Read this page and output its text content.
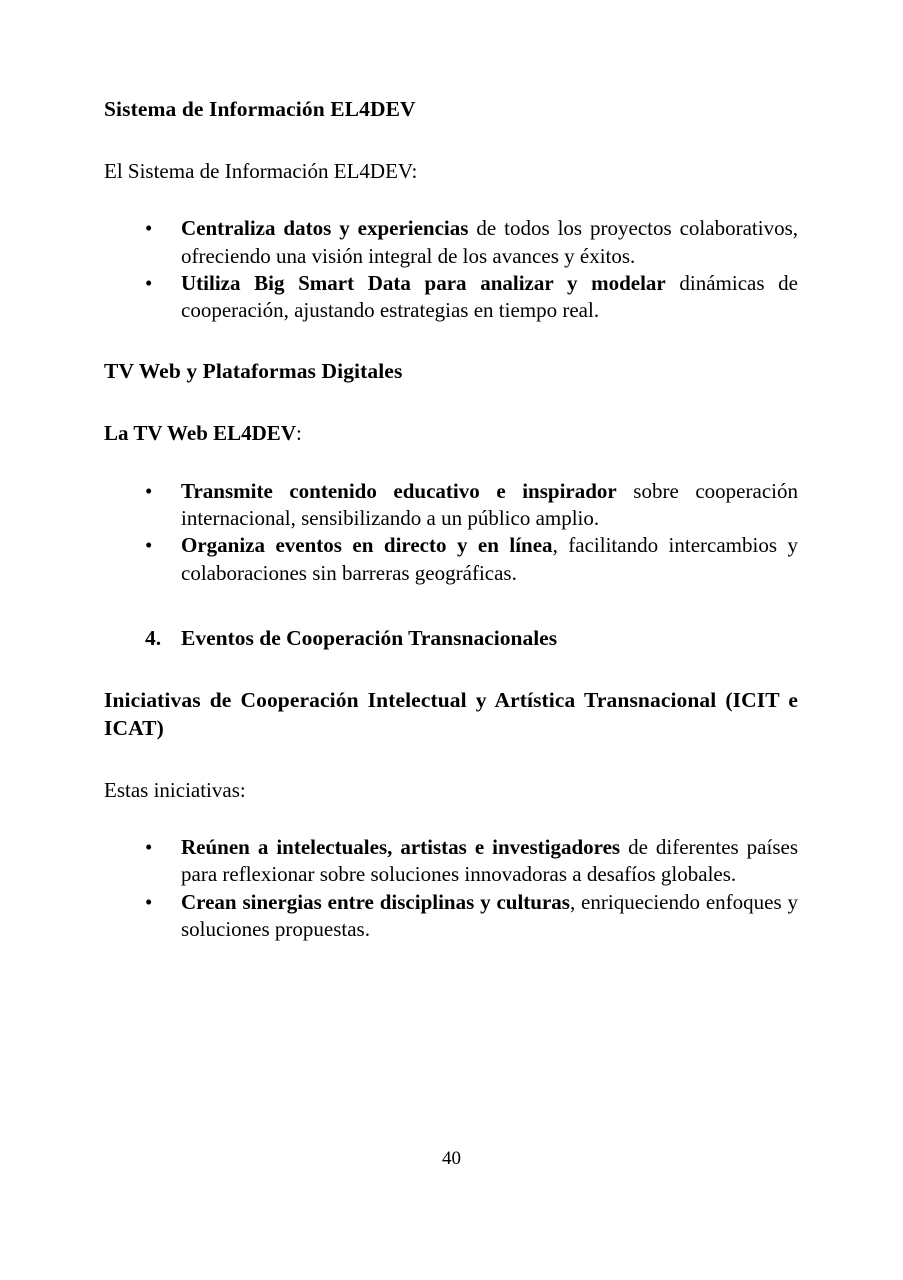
Sistema de Información EL4DEV

El Sistema de Información EL4DEV:

•	Centraliza datos y experiencias de todos los proyectos colaborativos, ofreciendo una visión integral de los avances y éxitos.
•	Utiliza Big Smart Data para analizar y modelar dinámicas de cooperación, ajustando estrategias en tiempo real.
TV Web y Plataformas Digitales

La TV Web EL4DEV:

•	Transmite contenido educativo e inspirador sobre cooperación internacional, sensibilizando a un público amplio.
•	Organiza eventos en directo y en línea, facilitando intercambios y colaboraciones sin barreras geográficas.
4. Eventos de Cooperación Transnacionales
Iniciativas de Cooperación Intelectual y Artística Transnacional (ICIT e ICAT)

Estas iniciativas:

•	Reúnen a intelectuales, artistas e investigadores de diferentes países para reflexionar sobre soluciones innovadoras a desafíos globales.
•	Crean sinergias entre disciplinas y culturas, enriqueciendo enfoques y soluciones propuestas.
40
